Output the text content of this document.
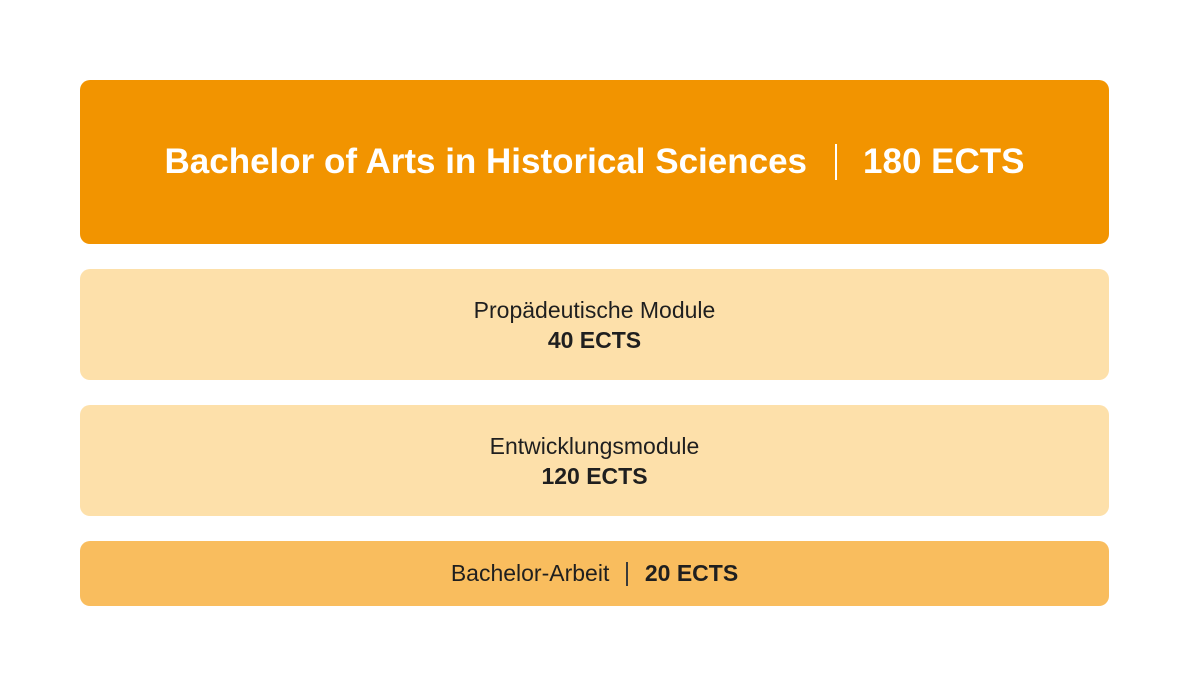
Bachelor of Arts in Historical Sciences 180 ECTS
Propädeutische Module
40 ECTS
Entwicklungsmodule
120 ECTS
Bachelor-Arbeit 20 ECTS
